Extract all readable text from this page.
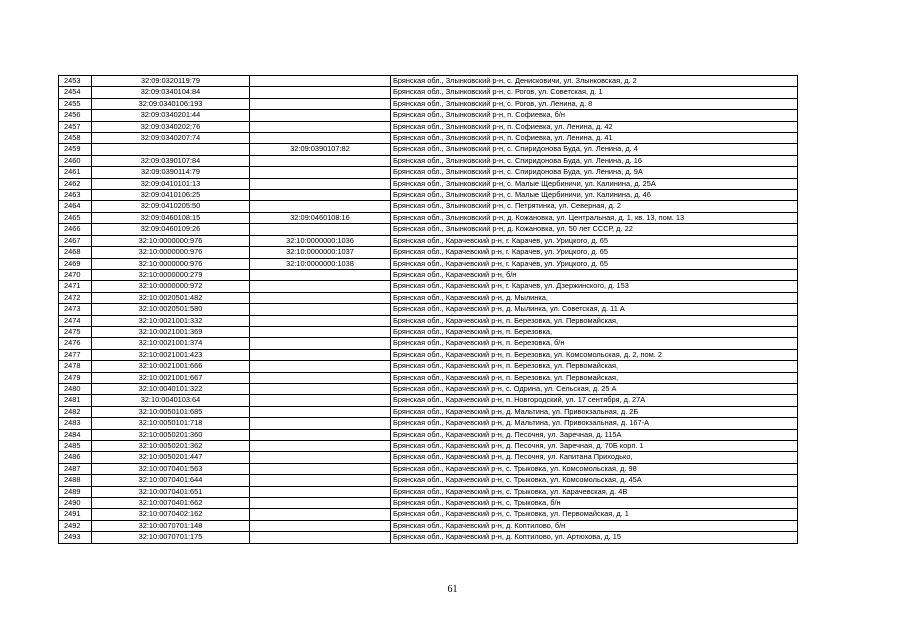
2453	32:09:0320119:79		Брянская обл., Злынковский р-н, с. Денисковичи, ул. Злынковская, д. 2
2454	32:09:0340104:84		Брянская обл., Злынковский р-н, с. Рогов, ул. Советская, д. 1
2455	32:09:0340106:193		Брянская обл., Злынковский р-н, с. Рогов, ул. Ленина, д. 8
2456	32:09:0340201:44		Брянская обл., Злынковский р-н, п. Софиевка, б/н
2457	32:09:0340202:76		Брянская обл., Злынковский р-н, п. Софиевка, ул. Ленина, д. 42
2458	32:09:0340207:74		Брянская обл., Злынковский р-н, п. Софиевка, ул. Ленина, д. 41
2459		32:09:0390107:82	Брянская обл., Злынковский р-н, с. Спиридонова Буда, ул. Ленина, д. 4
2460	32:09:0390107:84		Брянская обл., Злынковский р-н, с. Спиридонова Буда, ул. Ленина, д. 16
2461	32:09:0390114:79		Брянская обл., Злынковский р-н, с. Спиридонова Буда, ул. Ленина, д. 9А
2462	32:09:0410101:13		Брянская обл., Злынковский р-н, с. Малые Щербиничи, ул. Калинина, д. 25А
2463	32:09:0410106:25		Брянская обл., Злынковский р-н, с. Малые Щербиничи, ул. Калинина, д. 46
2464	32:09:0410205:50		Брянская обл., Злынковский р-н, с. Петрятинка, ул. Северная, д. 2
2465	32:09:0460108:15	32:09:0460108:16	Брянская обл., Злынковский р-н, д. Кожановка, ул. Центральная, д. 1, кв. 13, пом. 13
2466	32:09:0460109:26		Брянская обл., Злынковский р-н, д. Кожановка, ул. 50 лет СССР, д. 22
2467	32:10:0000000:976	32:10:0000000:1036	Брянская обл., Карачевский р-н, г. Карачев, ул. Урицкого, д. 65
2468	32:10:0000000:976	32:10:0000000:1037	Брянская обл., Карачевский р-н, г. Карачев, ул. Урицкого, д. 65
2469	32:10:0000000:976	32:10:0000000:1038	Брянская обл., Карачевский р-н, г. Карачев, ул. Урицкого, д. 65
2470	32:10:0000000:279		Брянская обл., Карачевский р-н, б/н
2471	32:10:0000000:972		Брянская обл., Карачевский р-н, г. Карачев, ул. Дзержинского, д. 153
2472	32:10:0020501:482		Брянская обл., Карачевский р-н, д. Мылинка,
2473	32:10:0020501:580		Брянская обл., Карачевский р-н, д. Мылинка, ул. Советская, д. 11 А
2474	32:10:0021001:332		Брянская обл., Карачевский р-н, п. Березовка, ул. Первомайская,
2475	32:10:0021001:369		Брянская обл., Карачевский р-н, п. Березовка,
2476	32:10:0021001:374		Брянская обл., Карачевский р-н, п. Березовка, б/н
2477	32:10:0021001:423		Брянская обл., Карачевский р-н, п. Березовка, ул. Комсомольская, д. 2, пом. 2
2478	32:10:0021001:666		Брянская обл., Карачевский р-н, п. Березовка, ул. Первомайская,
2479	32:10:0021001:667		Брянская обл., Карачевский р-н, п. Березовка, ул. Первомайская,
2480	32:10:0040101:322		Брянская обл., Карачевский р-н, с. Одрина, ул. Сельская, д. 25 А
2481	32:10:0040103:64		Брянская обл., Карачевский р-н, п. Новгородский, ул. 17 сентября, д. 27А
2482	32:10:0050101:685		Брянская обл., Карачевский р-н, д. Мальтина, ул. Привокзальная, д. 2Б
2483	32:10:0050101:718		Брянская обл., Карачевский р-н, д. Мальтина, ул. Привокзальная, д. 167-А
2484	32:10:0050201:360		Брянская обл., Карачевский р-н, д. Песочня, ул. Заречная, д. 115А
2485	32:10:0050201:362		Брянская обл., Карачевский р-н, д. Песочня, ул. Заречная, д. 70Б корп. 1
2486	32:10:0050201:447		Брянская обл., Карачевский р-н, д. Песочня, ул. Капитана Приходько,
2487	32:10:0070401:563		Брянская обл., Карачевский р-н, с. Трыковка, ул. Комсомольская, д. 98
2488	32:10:0070401:644		Брянская обл., Карачевский р-н, с. Трыковка, ул. Комсомольская, д. 45А
2489	32:10:0070401:651		Брянская обл., Карачевский р-н, с. Трыковка, ул. Карачевская, д. 4В
2490	32:10:0070401:662		Брянская обл., Карачевский р-н, с. Трыковка, б/н
2491	32:10:0070402:162		Брянская обл., Карачевский р-н, с. Трыковка, ул. Первомайская, д. 1
2492	32:10:0070701:148		Брянская обл., Карачевский р-н, д. Коптилово, б/н
2493	32:10:0070701:175		Брянская обл., Карачевский р-н, д. Коптилово, ул. Артюхова, д. 15
61
